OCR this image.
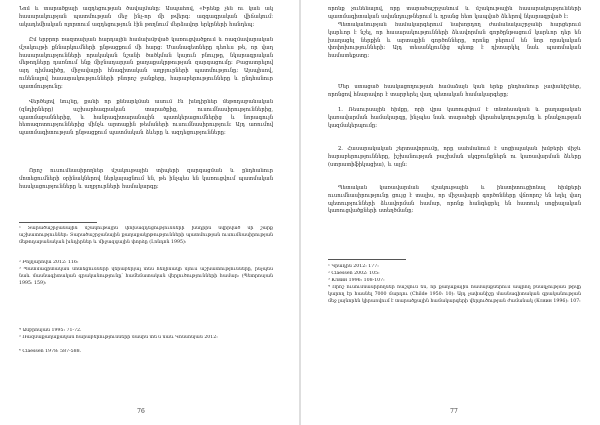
Նոմ և տարածքայի ազդեցության ծավալմանը: Ասպահով, «Իրենք չեն ու կան ակ հասարակության պատմության մեջ ինչ-որ մի թվերգ: ազգագրական վիճակում: ակադեմիական ոլորտում ազդեցություն էին թողնում մերձավոր երկրների հանդեպ:

Ըմ երբրոր ռազտաիյան հարդային համախմբված կառուցվածքում և ռազմավարական մշակույթի քննարկումների ընթացքում մի հարց: Մասնագետները դեռևս թե, որ վաղ հասարակությունների որակական նշանի ծածկման կայուն բնույթը, նկարագրական մեթոդները դառնում ենք միջնադարյան քաղաքակրթության զարգացումը։ Բացատրելով այդ դիմագիծը, միջավայրի հնագիտական աղբյուրների պատմությունը: Այսպիսով, ունենալով հասարակությունների բնորոշ ջանքերը, հարաբերությունները և ընդհանուր պատմությունը:

Վերծելով նույնը, քանի որ քննարկման ասում էն խնդիրներ մեթոդաբանական (զնդիրները) աշխարհագրական տարածքից, ուսումնասիրություններից, պատմաբաններից, և հանրագիտարանային պատկերացումներից և նորագույն հետազոտություններից մինչև արտաքին թեմաների ուսումնասիրություն: Այդ առումով պատմագիտության ընթացքում պատմական ձևերը և ազդեցությունները:

Որոշ ուսումնասիրողներ մշակութային տիպերի զարգացման և ընդհանուր մոտեցումների օրինակներով ներկայացնում են, թե ինչպես են կառուցվում պատմական հասկացությունները և աղբյուրների համակարգը:

¹ Տարածաշրջանային մշակութային փոխազդեցությունների խնդրին նվիրված մի շարք աշխատություններ: Տարածաշրջանային քաղաքակրթությունների պատմության ուսումնասիրության մեթոդաբանական խնդիրներ և միջազգային փորձը (Լոնդոն 1995):

² Բոլղարովա 2012: 116:

³ Պատմագիտական մոտեցումների վերաբերյալ տես հեղինակի մյուս աշխատությունները, ինչպես նաև մասնագիտական գրականությունը՝ համեմատական վերլուծությունների համար: (Պետրոսյան 1995: 159):

⁴ Ամբրոսյան 1995: 71-72.

⁵ Ռազմաքաղաքական հարաբերությունների մասին տե՛ս նաև Կոնսոնյան 2012:

⁶ Claessen 1978: 587-588.

76

որոնք չունենալով, որը տարածաշրջանում և մշակութային հասարակությունների պատմագիտական ավանդույթներում և դրանց հետ կապված ձևերով նկարագրված է:

Պետականության համակարգերում նախորդող ժամանակաշրջանի հարցերում կարևոր է նշել, որ հասարակությունների ձևավորման գործընթացում կարևոր դեր են խաղացել ներքին և արտաքին գործոնները, որոնք բերում են նոր որակական փոփոխությունների: Այդ տեսանկյունից պետք է դիտարկել նաև պատմական համատեքստը:

Մեր ստացած հասկացողության համաձայն կան երեք ընդհանուր չափանիշներ, որոնցով հնարավոր է տարբերել վաղ պետական համակարգերը:

1. Ռեսուրսային հիմքը, որի վրա կառուցվում է տնտեսական և քաղաքական կառավարման համակարգը, ինչպես նաև տարածքի վերահսկողությունը և բնակչության կազմակերպումը:

2. Հասարակական շերտավորումը, որը սահմանում է սոցիալական խմբերի միջև հարաբերությունները, իշխանության բաշխման սկզբունքներն ու կառավարման ձևերը (ստրատիֆիկացիա), և այլն:

Պետական կառավարման մշակութային և ինստիտուցիոնալ հիմքերի ուսումնասիրությունը ցույց է տալիս, որ միջավայրի գործոնները վճռորոշ են եղել վաղ պետությունների ձևավորման համար, որոնք հանգեցրել են հատուկ սոցիալական կառուցվածքների ստեղծմանը:

¹ Կրադին 2012: 177:

² Claessen 2002: 105:

³ Кляин 1996: 108-107:

⁴ Որոշ ուսումնասիրողներ հաշվում են, որ քաղաքային համայնքներում ապրող բնակչության թիվը կարող էր հասնել 7000 մարդու (Childe 1950: 10): Այդ չափանիշը մասնագիտական գրականության մեջ լայնորեն կիրառվում է տարածքային համակարգերի վերլուծության ժամանակ (Кляин 1996): 107:

77
